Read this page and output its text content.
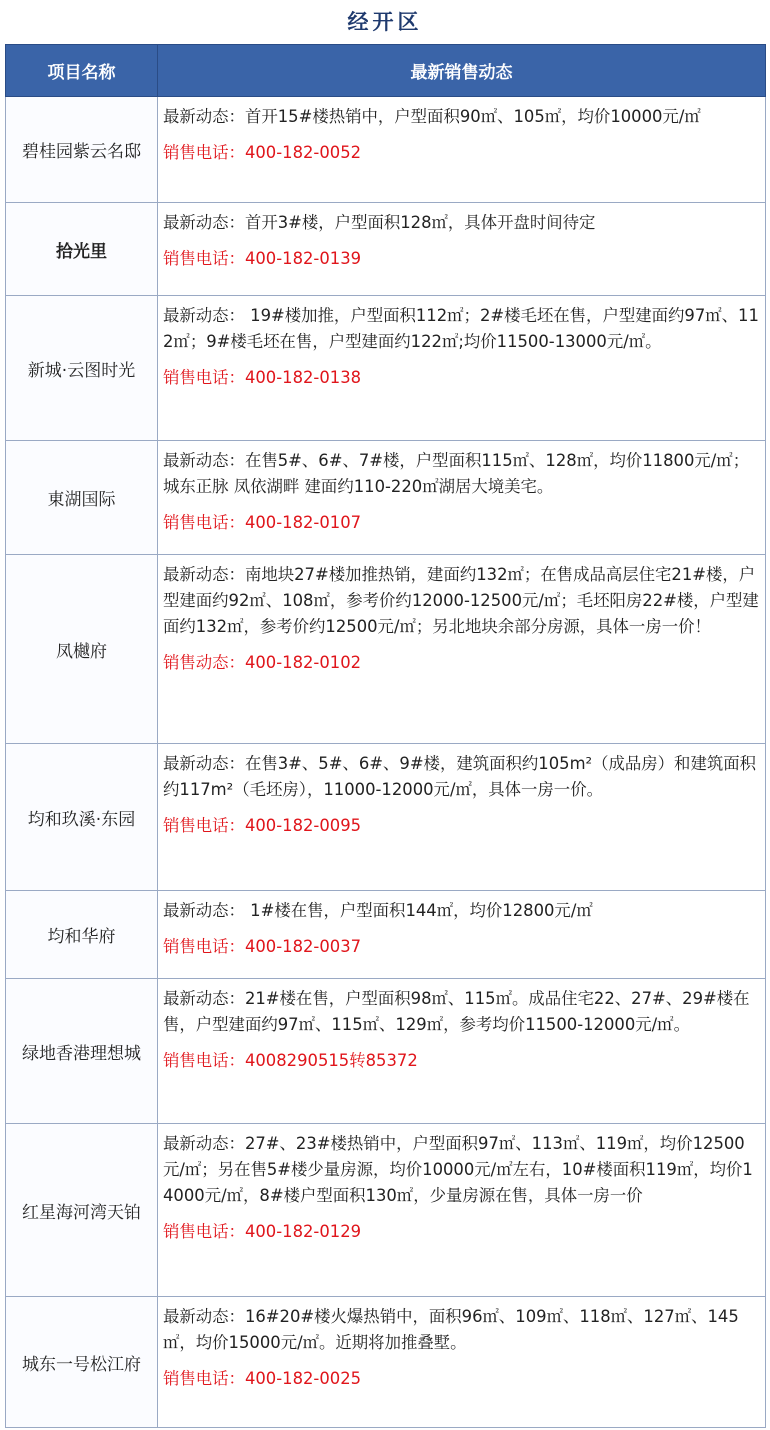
经开区
项目名称	最新销售动态
碧桂园紫云名邸	最新动态：首开15#楼热销中，户型面积90㎡、105㎡，均价10000元/㎡
销售电话：400-182-0052

拾光里	最新动态：首开3#楼，户型面积128㎡，具体开盘时间待定
销售电话：400-182-0139

新城·云图时光	最新动态： 19#楼加推，户型面积112㎡；2#楼毛坯在售，户型建面约97㎡、112㎡；9#楼毛坯在售，户型建面约122㎡;均价11500-13000元/㎡。
销售电话：400-182-0138

東湖国际	最新动态：在售5#、6#、7#楼，户型面积115㎡、128㎡，均价11800元/㎡；城东正脉 凤依湖畔 建面约110-220㎡湖居大境美宅。
销售电话：400-182-0107

凤樾府	最新动态：南地块27#楼加推热销，建面约132㎡；在售成品高层住宅21#楼，户型建面约92㎡、108㎡，参考价约12000-12500元/㎡；毛坯阳房22#楼，户型建面约132㎡，参考价约12500元/㎡；另北地块余部分房源，具体一房一价！
销售动态：400-182-0102

均和玖溪·东园	最新动态：在售3#、5#、6#、9#楼，建筑面积约105m²（成品房）和建筑面积约117m²（毛坯房），11000-12000元/㎡，具体一房一价。
销售电话：400-182-0095

均和华府	最新动态： 1#楼在售，户型面积144㎡，均价12800元/㎡
销售电话：400-182-0037

绿地香港理想城	最新动态：21#楼在售，户型面积98㎡、115㎡。成品住宅22、27#、29#楼在售，户型建面约97㎡、115㎡、129㎡，参考均价11500-12000元/㎡。
销售电话：4008290515转85372

红星海河湾天铂	最新动态：27#、23#楼热销中，户型面积97㎡、113㎡、119㎡，均价12500元/㎡；另在售5#楼少量房源，均价10000元/㎡左右，10#楼面积119㎡，均价14000元/㎡，8#楼户型面积130㎡，少量房源在售，具体一房一价
销售电话：400-182-0129

城东一号松江府	最新动态：16#20#楼火爆热销中，面积96㎡、109㎡、118㎡、127㎡、145㎡，均价15000元/㎡。近期将加推叠墅。
销售电话：400-182-0025
